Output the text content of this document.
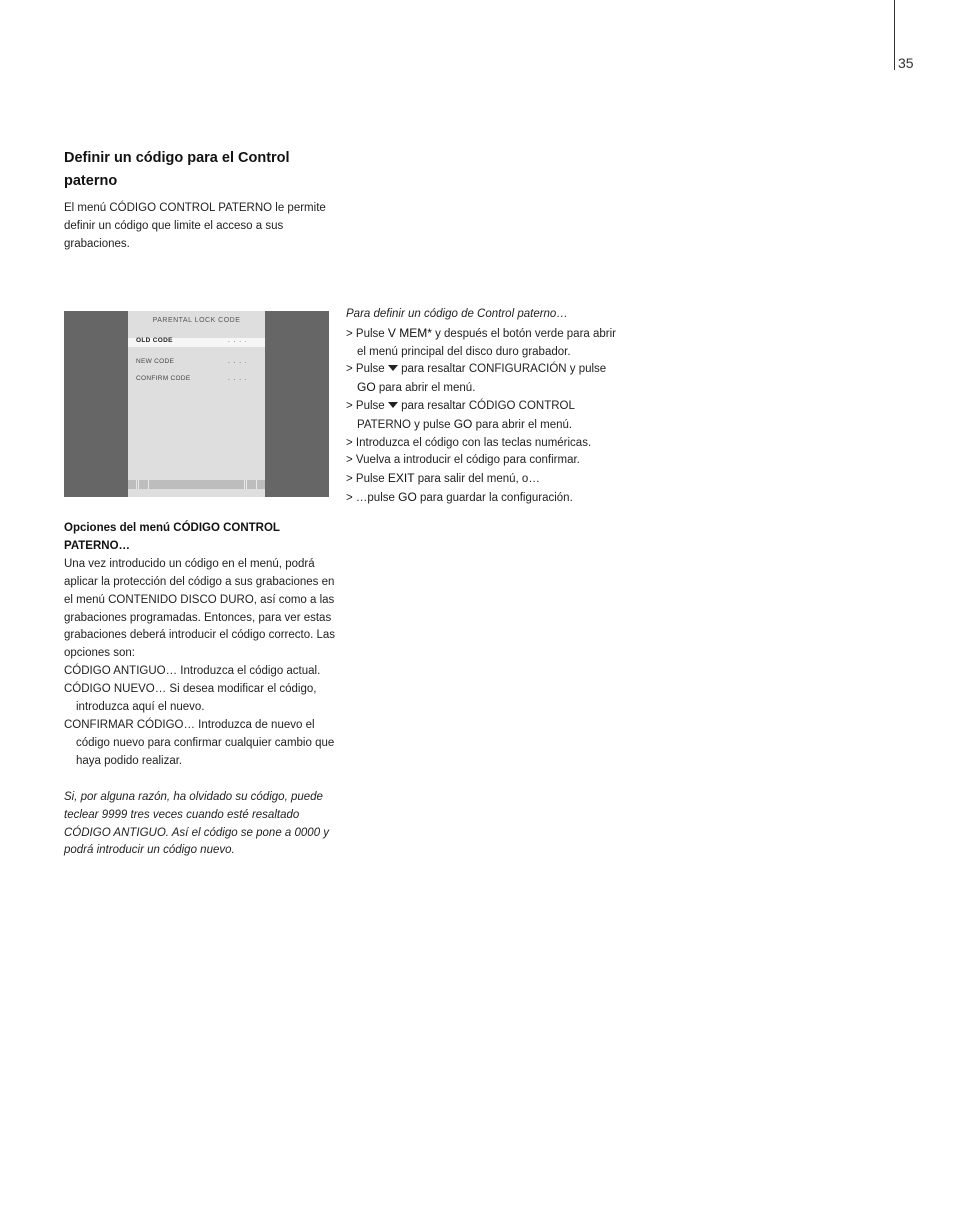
35
Definir un código para el Control paterno

El menú CÓDIGO CONTROL PATERNO le permite definir un código que limite el acceso a sus grabaciones.

PARENTAL LOCK CODE
OLD CODE	. . . .
NEW CODE	. . . .
CONFIRM CODE	. . . .

Para definir un código de Control paterno…

> Pulse V MEM* y después el botón verde para abrir el menú principal del disco duro grabador.

> Pulse  para resaltar CONFIGURACIÓN y pulse GO para abrir el menú.

> Pulse  para resaltar CÓDIGO CONTROL PATERNO y pulse GO para abrir el menú.

> Introduzca el código con las teclas numéricas.

> Vuelva a introducir el código para confirmar.

> Pulse EXIT para salir del menú, o…

> …pulse GO para guardar la configuración.

Opciones del menú CÓDIGO CONTROL PATERNO…

Una vez introducido un código en el menú, podrá aplicar la protección del código a sus grabaciones en el menú CONTENIDO DISCO DURO, así como a las grabaciones programadas. Entonces, para ver estas grabaciones deberá introducir el código correcto. Las opciones son:

CÓDIGO ANTIGUO… Introduzca el código actual.

CÓDIGO NUEVO… Si desea modificar el código, introduzca aquí el nuevo.

CONFIRMAR CÓDIGO… Introduzca de nuevo el código nuevo para confirmar cualquier cambio que haya podido realizar.

Si, por alguna razón, ha olvidado su código, puede teclear 9999 tres veces cuando esté resaltado CÓDIGO ANTIGUO. Así el código se pone a 0000 y podrá introducir un código nuevo.
